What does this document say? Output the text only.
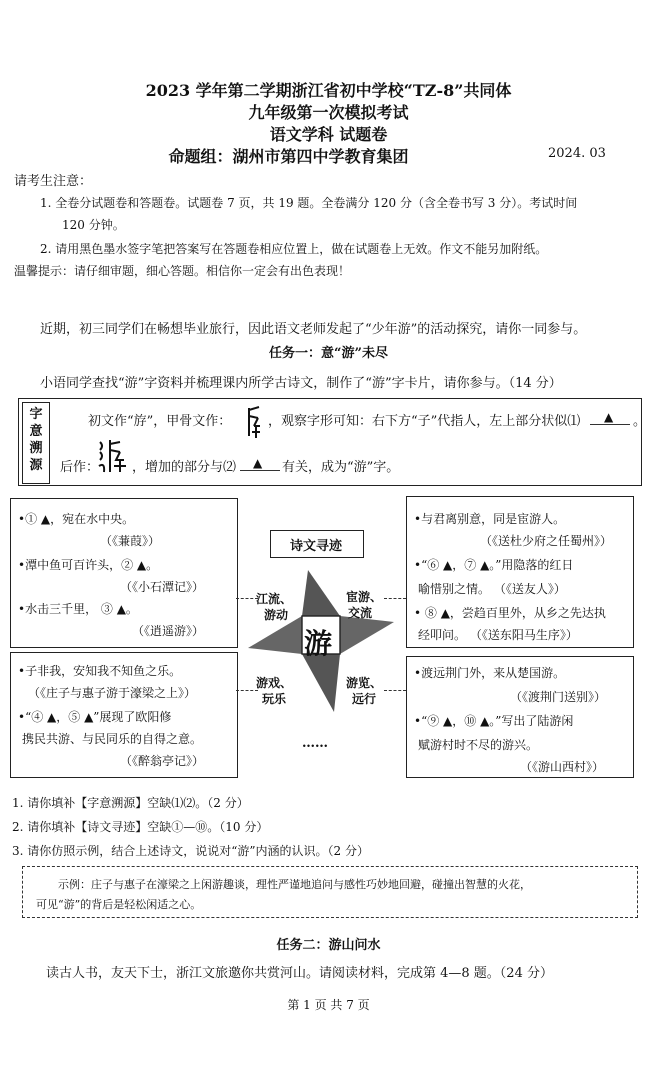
2023 学年第二学期浙江省初中学校“TZ-8”共同体
九年级第一次模拟考试
语文学科 试题卷
命题组：湖州市第四中学教育集团	2024. 03
请考生注意：
1. 全卷分试题卷和答题卷。试题卷 7 页，共 19 题。全卷满分 120 分（含全卷书写 3 分）。考试时间
120 分钟。
2. 请用黑色墨水签字笔把答案写在答题卷相应位置上，做在试题卷上无效。作文不能另加附纸。
温馨提示：请仔细审题，细心答题。相信你一定会有出色表现！
近期，初三同学们在畅想毕业旅行，因此语文老师发起了“少年游”的活动探究，请你一同参与。
任务一：意“游”未尽
小语同学查找“游”字资料并梳理课内所学古诗文，制作了“游”字卡片，请你参与。（14 分）
字
意
溯
源
初文作“斿”，甲骨文作：	，观察字形可知：右下方“子”代指人，左上部分状似⑴ ▲ 。
后作：	，增加的部分与⑵ ▲ 有关，成为“游”字。
•① ▲，宛在水中央。
（《蒹葭》）
•潭中鱼可百许头，② ▲。
（《小石潭记》）
•水击三千里， ③ ▲。
（《逍遥游》）
•子非我，安知我不知鱼之乐。
（《庄子与惠子游于濠梁之上》）
•“④ ▲，⑤ ▲”展现了欧阳修
携民共游、与民同乐的自得之意。
（《醉翁亭记》）
•与君离别意，同是宦游人。
（《送杜少府之任蜀州》）
•“⑥ ▲，⑦ ▲。”用隐落的红日
喻惜别之情。 （《送友人》）
• ⑧ ▲，尝趋百里外，从乡之先达执
经叩问。 （《送东阳马生序》）
•渡远荆门外，来从楚国游。
（《渡荆门送别》）
•“⑨ ▲，⑩ ▲。”写出了陆游闲
赋游村时不尽的游兴。
（《游山西村》）
诗文寻迹
游
江流、
游动
宦游、
交流
游戏、
玩乐
游览、
远行
……
1. 请你填补【字意溯源】空缺⑴⑵。（2 分）
2. 请你填补【诗文寻迹】空缺①—⑩。（10 分）
3. 请你仿照示例，结合上述诗文，说说对“游”内涵的认识。（2 分）
示例：庄子与惠子在濠梁之上闲游趣谈，理性严谨地追问与感性巧妙地回避，碰撞出智慧的火花，
可见“游”的背后是轻松闲适之心。
任务二：游山问水
读古人书，友天下士，浙江文旅邀你共赏河山。请阅读材料，完成第 4—8 题。（24 分）
第 1 页 共 7 页
